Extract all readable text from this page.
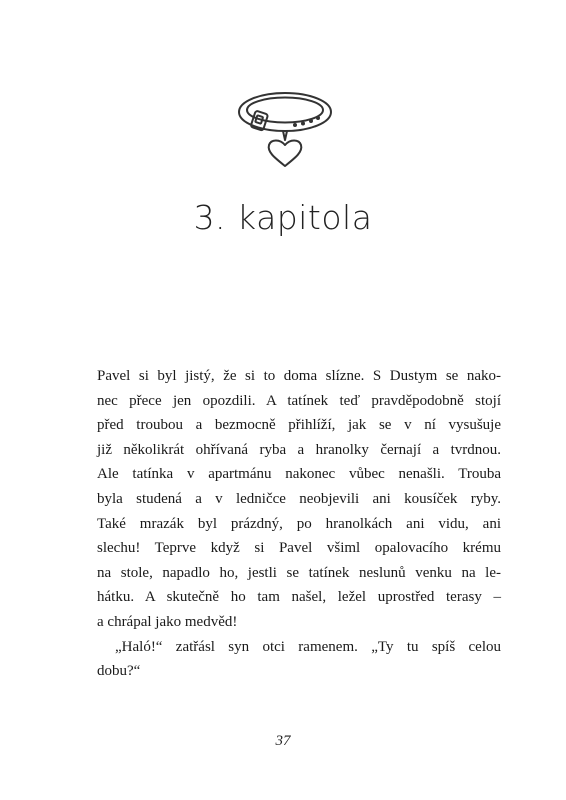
3. kapitola
Pavel si byl jistý, že si to doma slízne. S Dustym se nako-
nec přece jen opozdili. A tatínek teď pravděpodobně stojí
před troubou a bezmocně přihlíží, jak se v ní vysušuje
již několikrát ohřívaná ryba a hranolky černají a tvrdnou.
Ale tatínka v apartmánu nakonec vůbec nenašli. Trouba
byla studená a v ledničce neobjevili ani kousíček ryby.
Také mrazák byl prázdný, po hranolkách ani vidu, ani
slechu! Teprve když si Pavel všiml opalovacího krému
na stole, napadlo ho, jestli se tatínek neslunů venku na le-
hátku. A skutečně ho tam našel, ležel uprostřed terasy –
a chrápal jako medvěd!
„Haló!“ zatřásl syn otci ramenem. „Ty tu spíš celou
dobu?“
37
